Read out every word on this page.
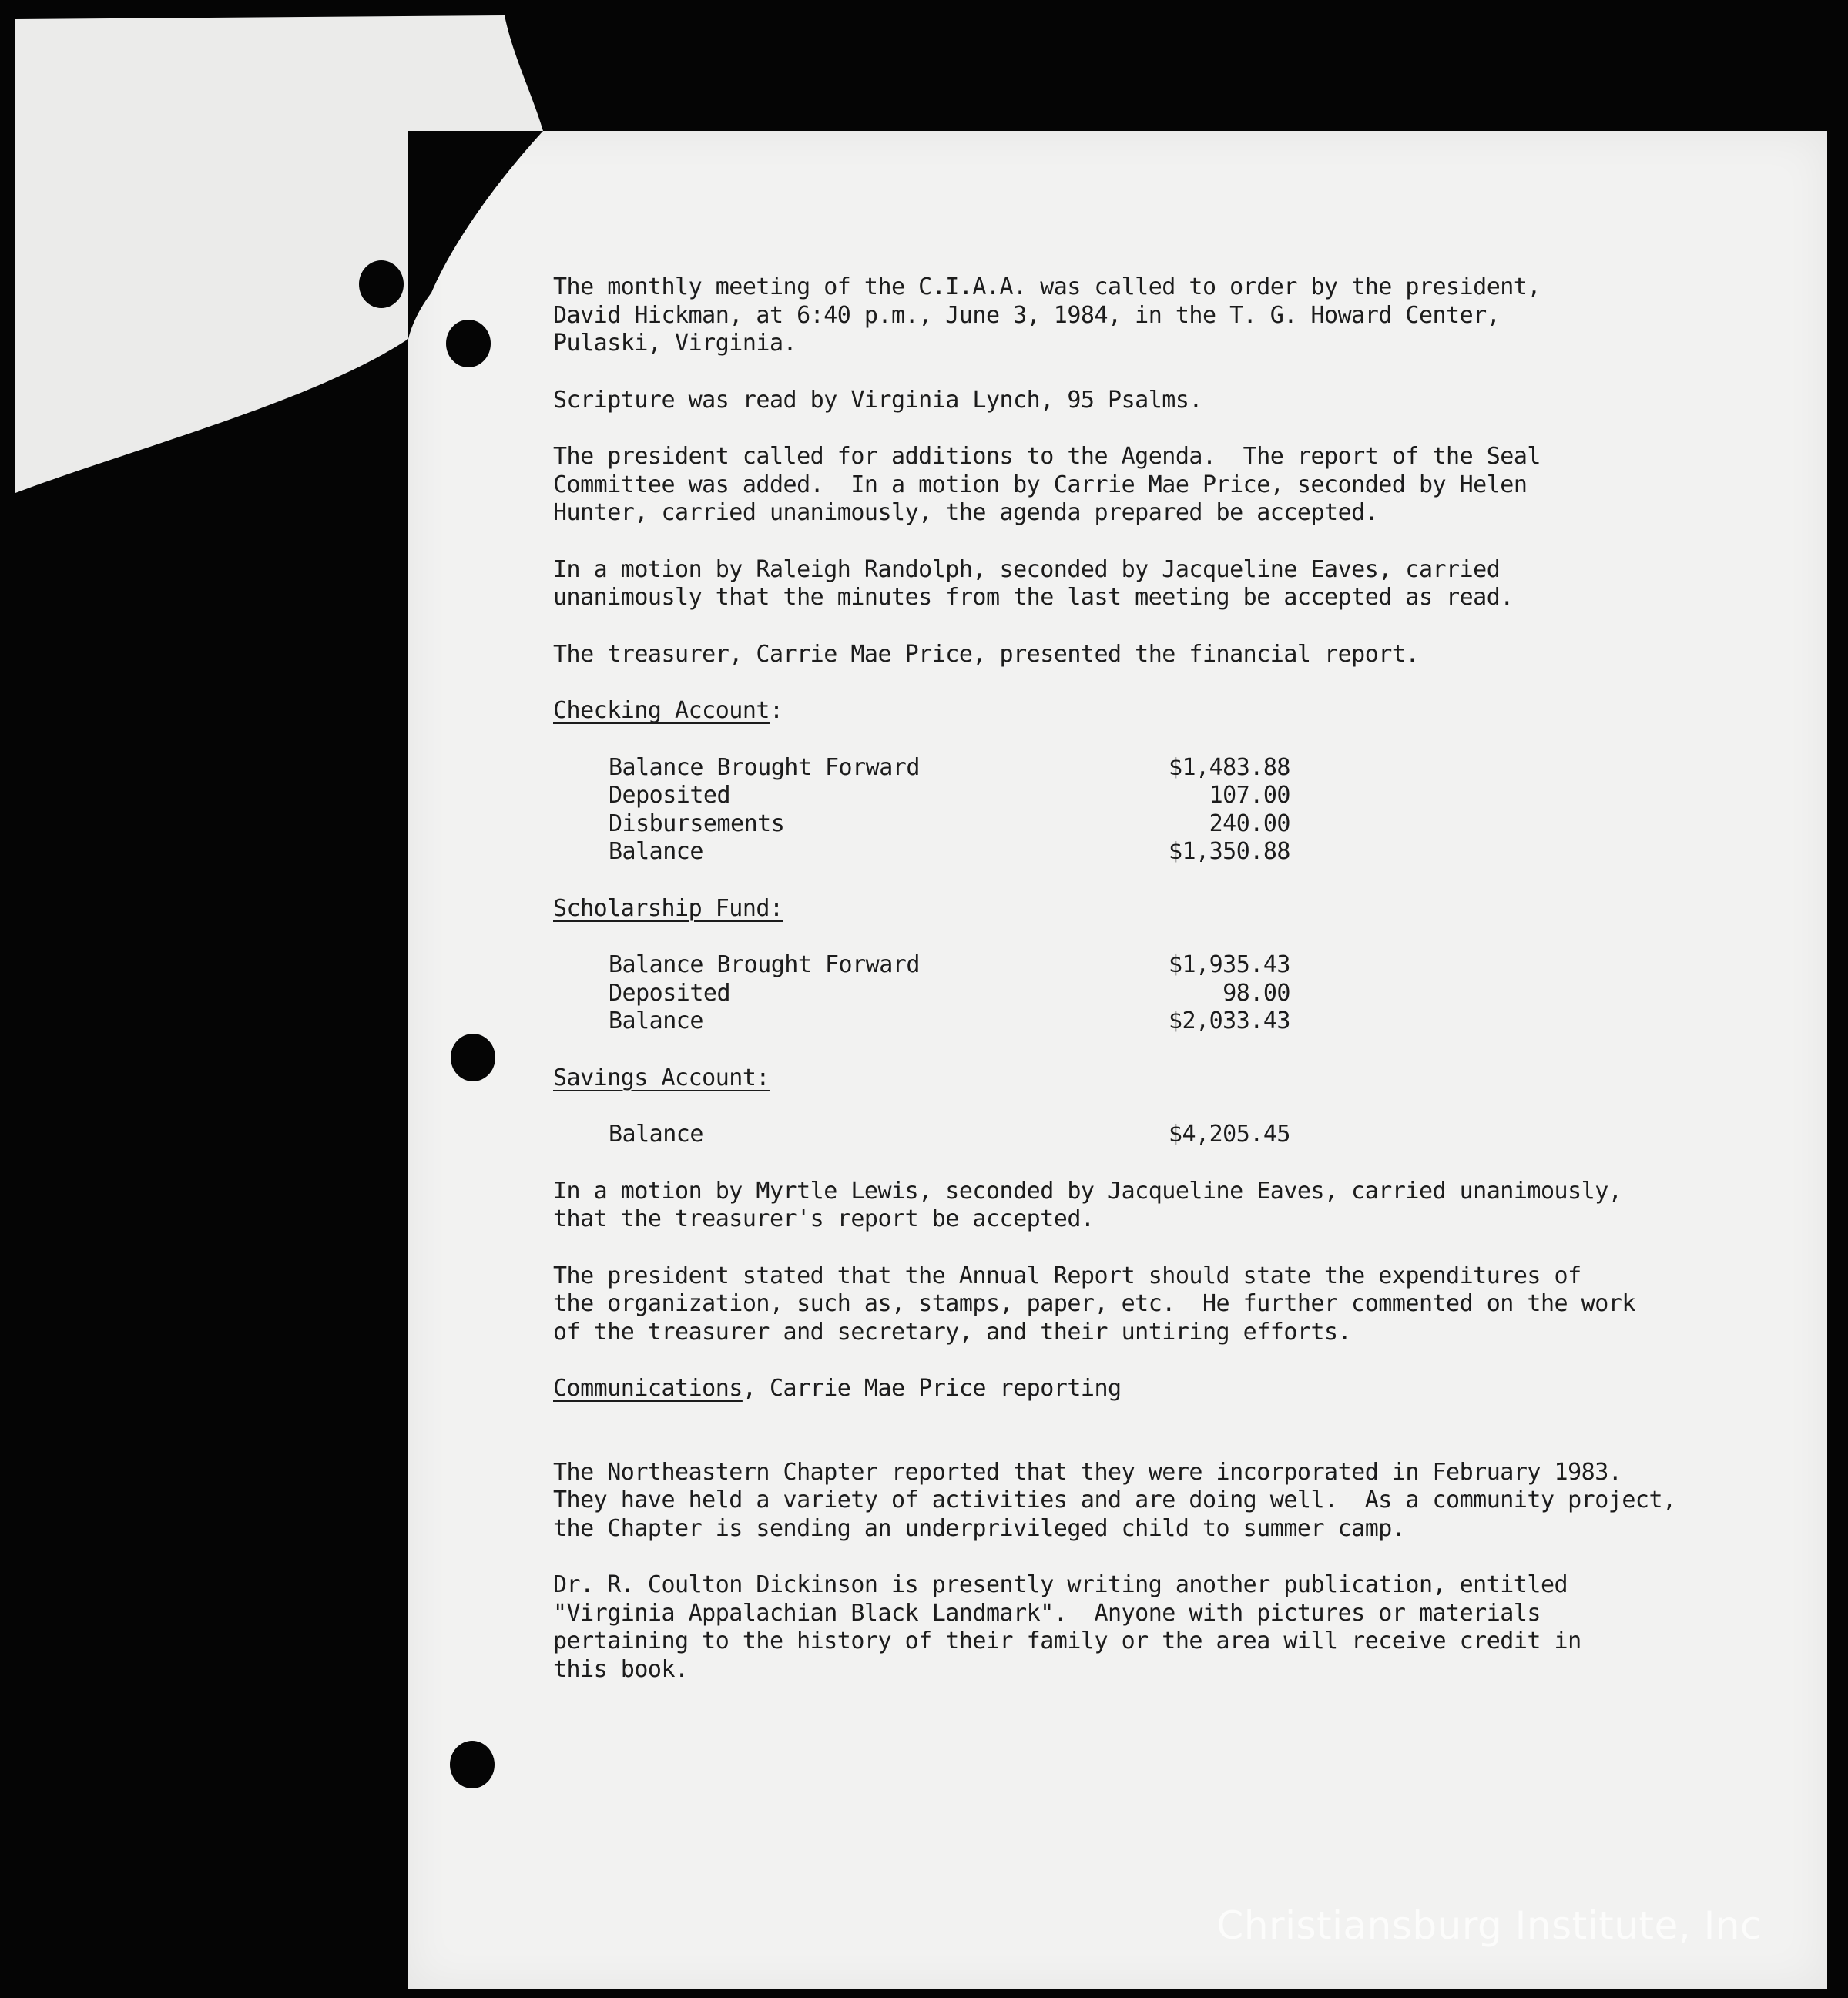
The monthly meeting of the C.I.A.A. was called to order by the president,
David Hickman, at 6:40 p.m., June 3, 1984, in the T. G. Howard Center,
Pulaski, Virginia.

Scripture was read by Virginia Lynch, 95 Psalms.

The president called for additions to the Agenda.  The report of the Seal
Committee was added.  In a motion by Carrie Mae Price, seconded by Helen
Hunter, carried unanimously, the agenda prepared be accepted.

In a motion by Raleigh Randolph, seconded by Jacqueline Eaves, carried
unanimously that the minutes from the last meeting be accepted as read.

The treasurer, Carrie Mae Price, presented the financial report.

Checking Account:

Balance Brought Forward	$1,483.88
Deposited	107.00
Disbursements	240.00
Balance	$1,350.88

Scholarship Fund:

Balance Brought Forward	$1,935.43
Deposited	98.00
Balance	$2,033.43

Savings Account:

Balance	$4,205.45

In a motion by Myrtle Lewis, seconded by Jacqueline Eaves, carried unanimously,
that the treasurer's report be accepted.

The president stated that the Annual Report should state the expenditures of
the organization, such as, stamps, paper, etc.  He further commented on the work
of the treasurer and secretary, and their untiring efforts.

Communications, Carrie Mae Price reporting

The Northeastern Chapter reported that they were incorporated in February 1983.
They have held a variety of activities and are doing well.  As a community project,
the Chapter is sending an underprivileged child to summer camp.

Dr. R. Coulton Dickinson is presently writing another publication, entitled
"Virginia Appalachian Black Landmark".  Anyone with pictures or materials
pertaining to the history of their family or the area will receive credit in
this book.

Christiansburg Institute, Inc
